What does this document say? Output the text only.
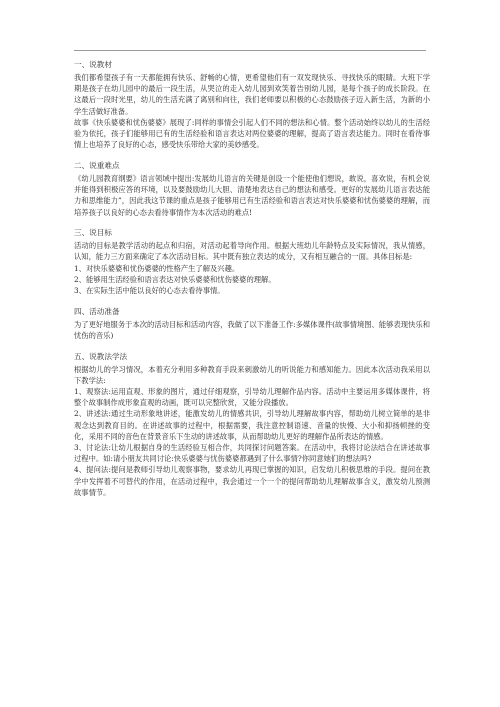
一、说教材

我们都希望孩子有一天都能拥有快乐、舒畅的心情，更希望他们有一双发现快乐、寻找快乐的眼睛。大班下学期是孩子在幼儿园中的最后一段生活，从哭泣的走入幼儿园到欢笑着告别幼儿园，是每个孩子的成长阶段。在这最后一段时光里，幼儿的生活充满了离别和向往，我们老师要以积极的心态鼓励孩子迈入新生活，为新的小学生活做好准备。

故事《快乐婆婆和忧伤婆婆》展现了:同样的事情会引起人们不同的想法和心情。整个活动始终以幼儿的生活经验为依托，孩子们能够用已有的生活经验和语言表达对两位婆婆的理解，提高了语言表达能力。同时在看待事情上也培养了良好的心态，感受快乐带给大家的美妙感受。

二、说重难点

《幼儿园教育纲要》语言领域中提出:发展幼儿语言的关键是创设一个能使他们想说，敢说，喜欢说，有机会说并能得到积极应答的环境，以及要鼓励幼儿大胆、清楚地表达自己的想法和感受。更好的发展幼儿语言表达能力和思维能力”，因此我这节课的重点是孩子能够用已有生活经验和语言表达对快乐婆婆和忧伤婆婆的理解，而培养孩子以良好的心态去看待事情作为本次活动的难点!

三、说目标

活动的目标是教学活动的起点和归宿，对活动起着导向作用。根据大班幼儿年龄特点及实际情况，我从情感，认知，能力三方面来确定了本次活动目标。其中既有独立表达的成分，又有相互融合的一面。具体目标是:

1、对快乐婆婆和忧伤婆婆的性格产生了解及兴趣。

2、能够用生活经验和语言表达对快乐婆婆和忧伤婆婆的理解。

3、在实际生活中能以良好的心态去看待事情。

四、活动准备

为了更好地服务于本次的活动目标和活动内容，我做了以下准备工作:多媒体课件(故事情境图、能够表现快乐和忧伤的音乐)

五、说教法学法

根据幼儿的学习情况，本着充分利用多种教育手段来刺激幼儿的听说能力和感知能力。因此本次活动我采用以下教学法:

1、观察法:运用直观、形象的图片，通过仔细观察，引导幼儿理解作品内容。活动中主要运用多媒体课件，将整个故事制作成形象直观的动画，既可以完整欣赏，又能分段播放。

2、讲述法:通过生动形象地讲述，能激发幼儿的情感共识，引导幼儿理解故事内容，帮助幼儿树立简单的是非观念达到教育目的。在讲述故事的过程中，根据需要，我注意控制语速、音量的快慢、大小和抑扬顿挫的变化，采用不同的音色在背景音乐下生动的讲述故事，从而帮助幼儿更好的理解作品所表达的情感。

3、讨论法:让幼儿根据自身的生活经验互相合作，共同探讨问题答案。在活动中，我将讨论法结合在讲述故事过程中。如:请小朋友共同讨论:快乐婆婆与忧伤婆婆都遇到了什么事情?你同意她们的想法吗?

4、提问法:提问是教师引导幼儿观察事物，要求幼儿再现已掌握的知识，启发幼儿积极思维的手段。提问在教学中发挥着不可替代的作用，在活动过程中，我会通过一个一个的提问帮助幼儿理解故事含义，激发幼儿预测故事情节。
